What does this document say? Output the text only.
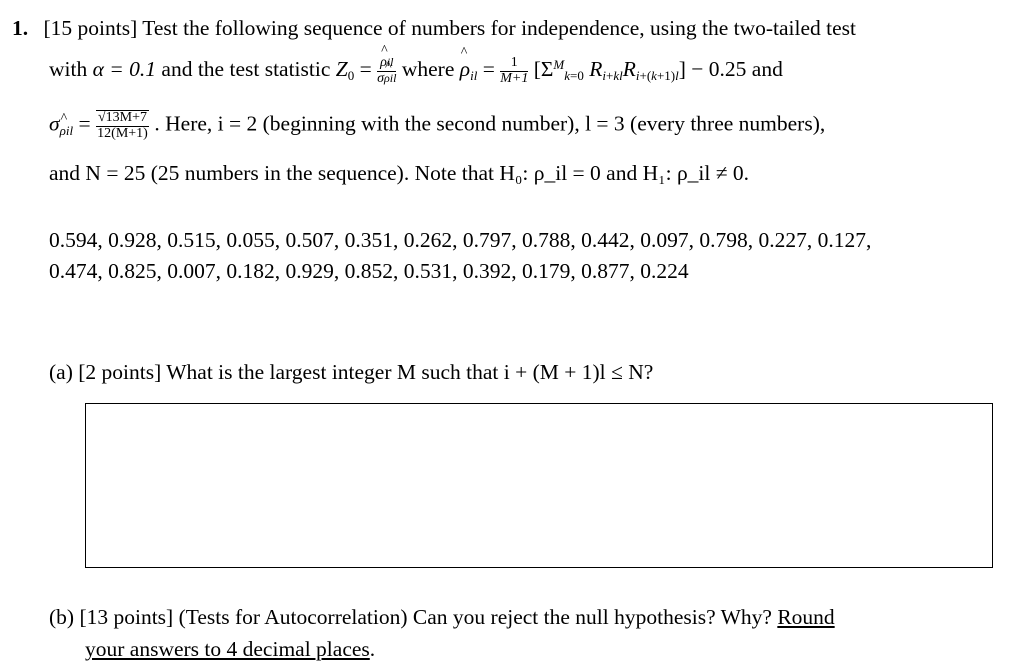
1. [15 points] Test the following sequence of numbers for independence, using the two-tailed test
with α = 0.1 and the test statistic $Z_0$ = ^ $\frac{\text{ρil}}{\text{σ\textasciicircum{} ρil}}$ where ^ $\rho_{il} = \frac{1}{M+1} [\Sigma^M_{k=0}$ $R_{i+kl}R_{i+(k+1)l}] - 0.25$ and
σ^ $_{\rho il} = \frac{√13M+7}{12(M+1)}$ . Here, i = 2 (beginning with the second number), l = 3 (every three numbers),
and N = 25 (25 numbers in the sequence). Note that H₀: ρ_il = 0 and H₁: ρ_il ≠ 0.
0.594, 0.928, 0.515, 0.055, 0.507, 0.351, 0.262, 0.797, 0.788, 0.442, 0.097, 0.798, 0.227, 0.127,
0.474, 0.825, 0.007, 0.182, 0.929, 0.852, 0.531, 0.392, 0.179, 0.877, 0.224
(a) [2 points] What is the largest integer M such that i + (M + 1)l ≤ N?
(b) [13 points] (Tests for Autocorrelation) Can you reject the null hypothesis? Why? Round
your answers to 4 decimal places.
